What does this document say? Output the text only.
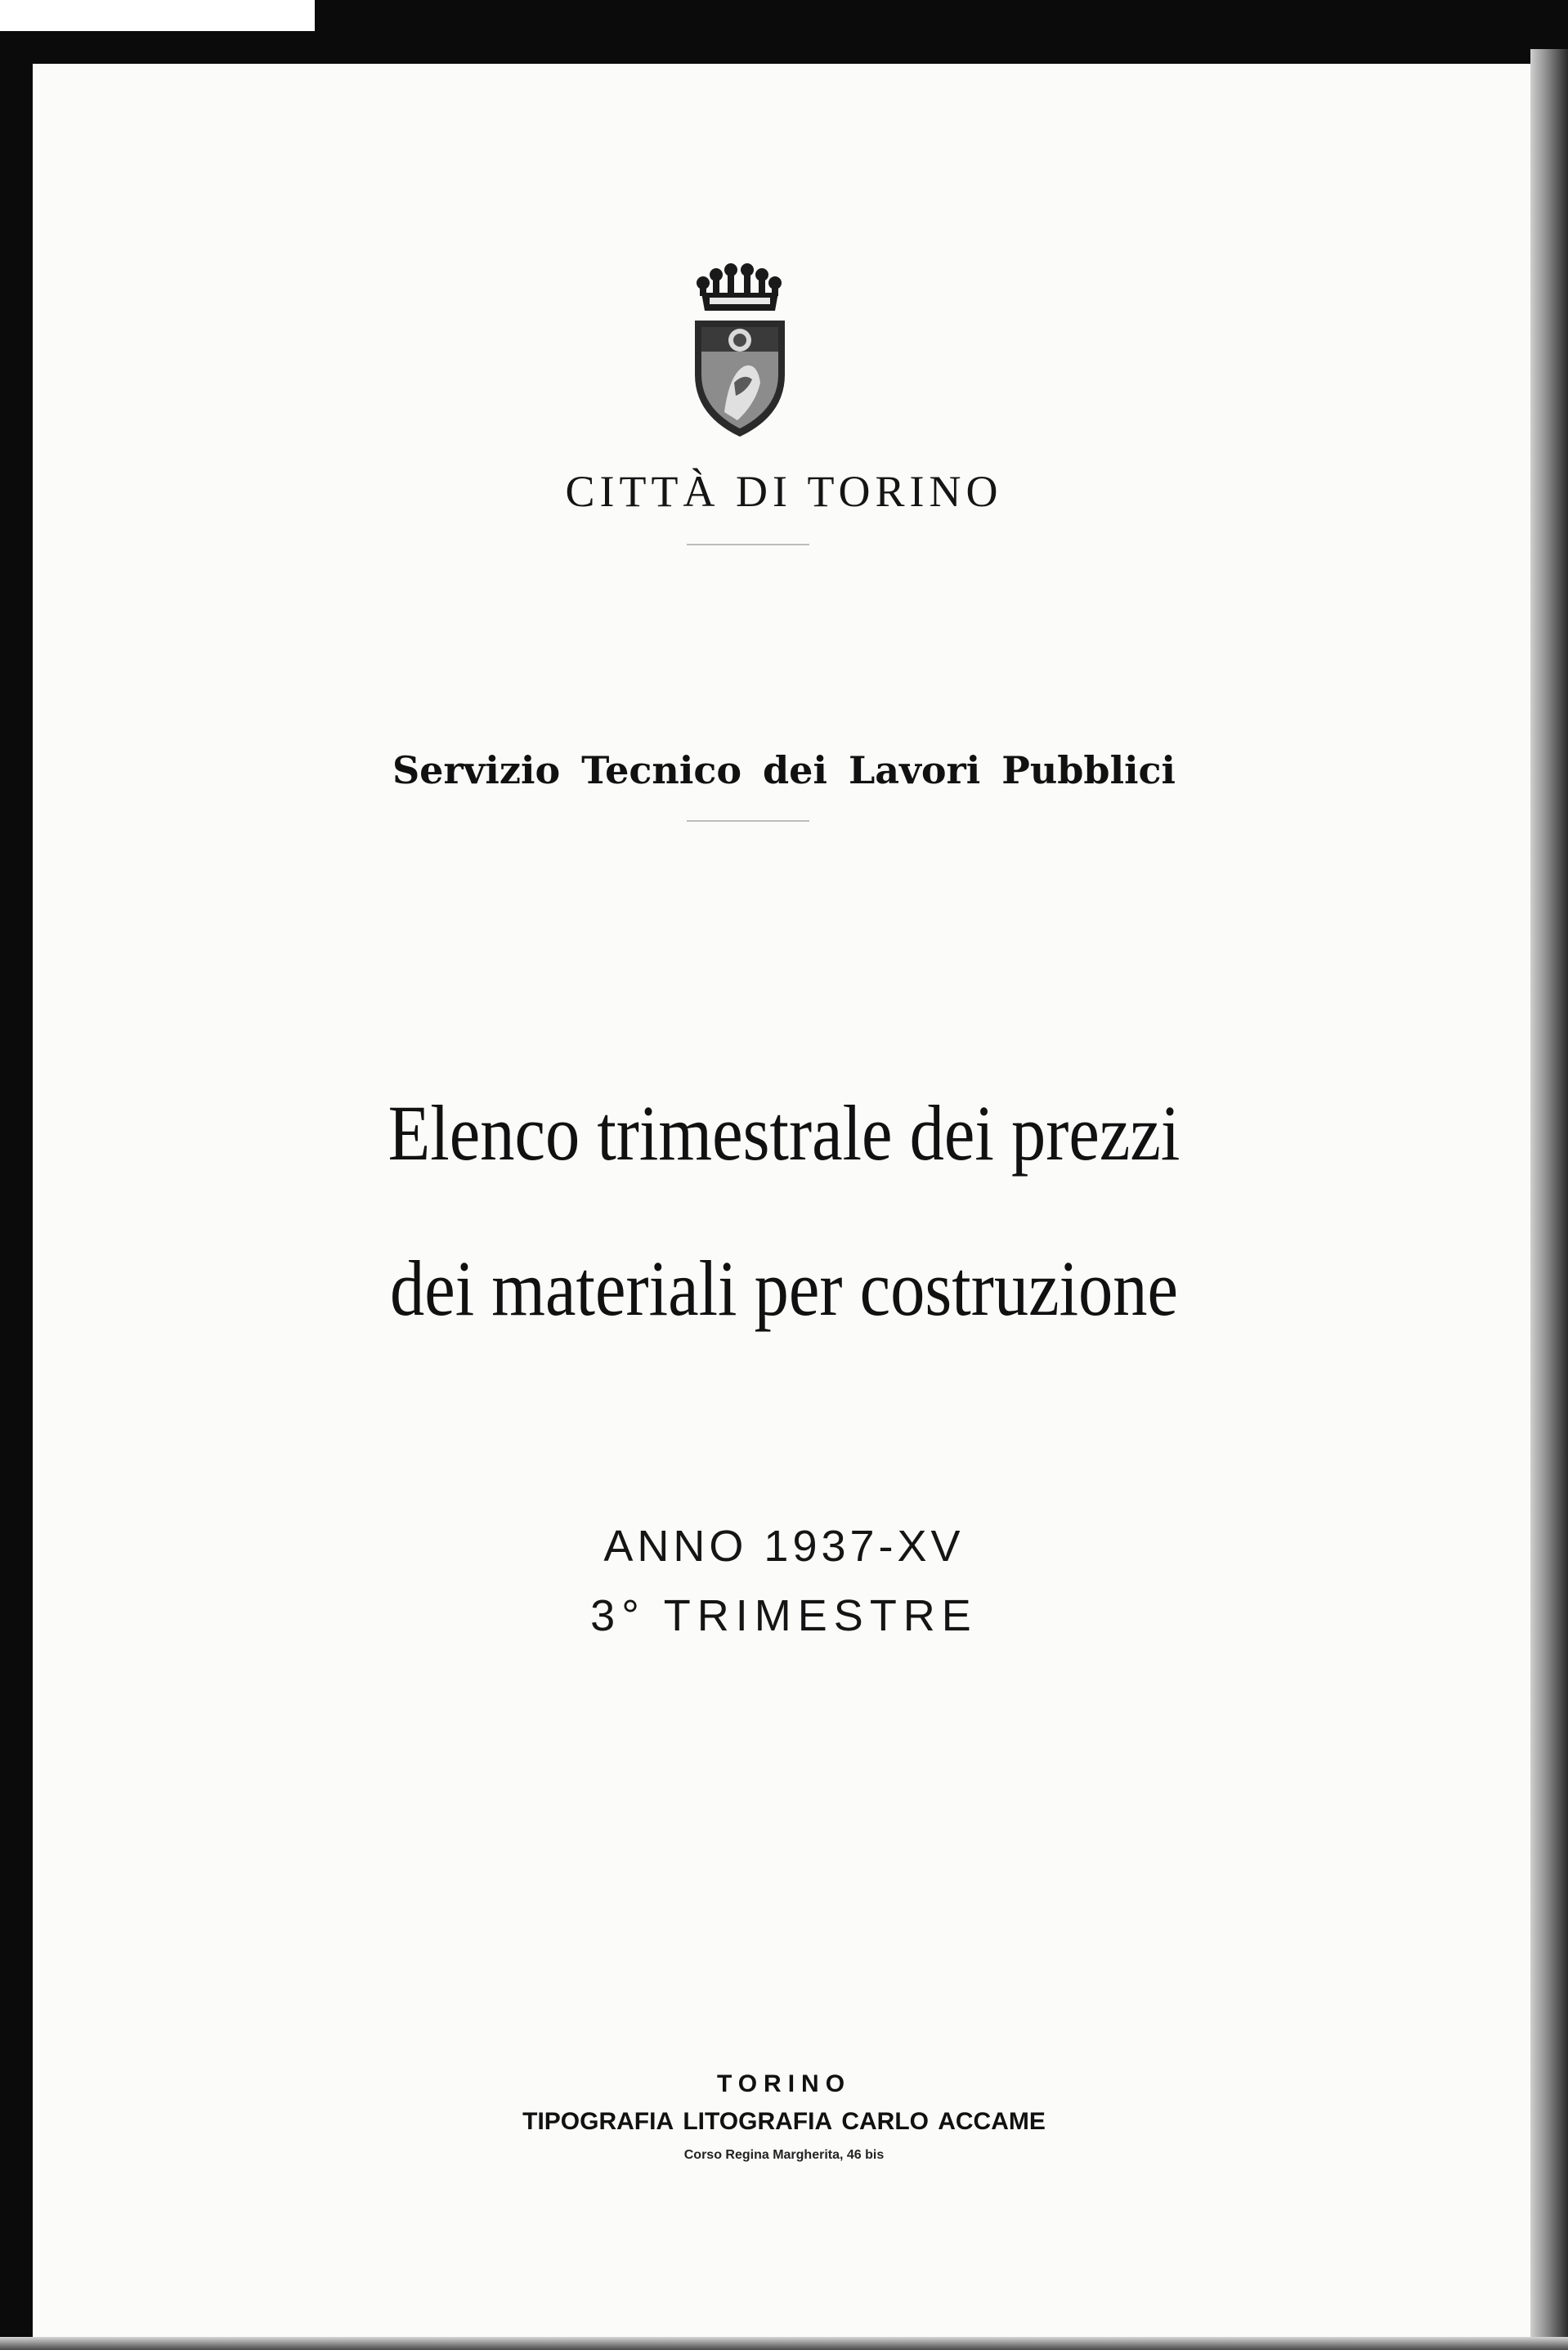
CITTÀ DI TORINO
Servizio Tecnico dei Lavori Pubblici
Elenco trimestrale dei prezzi
dei materiali per costruzione
ANNO 1937-XV
3° TRIMESTRE
TORINO
TIPOGRAFIA LITOGRAFIA CARLO ACCAME
Corso Regina Margherita, 46 bis
